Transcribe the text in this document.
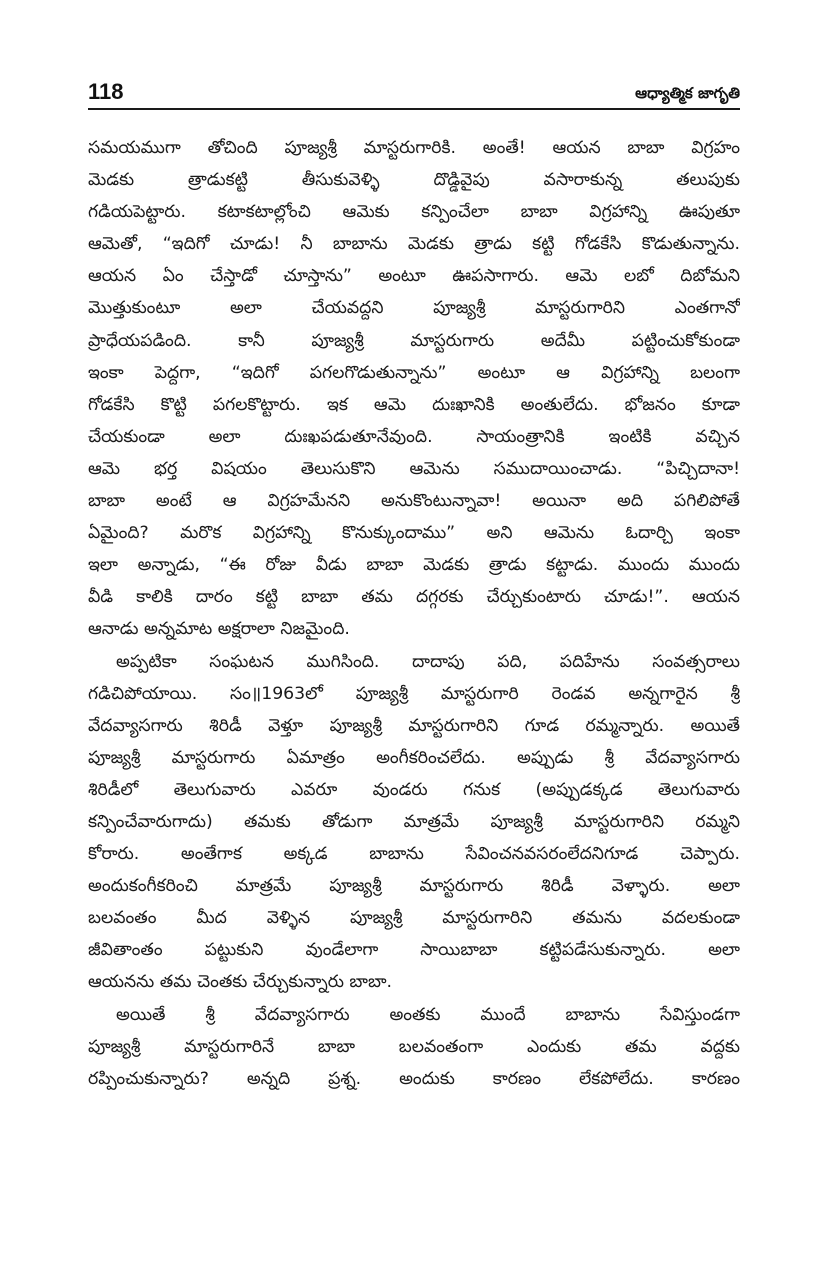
118	ఆధ్యాత్మిక జాగృతి
సమయముగా తోచింది పూజ్యశ్రీ మాస్టరుగారికి. అంతే! ఆయన బాబా విగ్రహం
మెడకు త్రాడుకట్టి తీసుకువెళ్ళి దొడ్డివైపు వసారాకున్న తలుపుకు
గడియపెట్టారు. కటాకటాల్లోంచి ఆమెకు కన్పించేలా బాబా విగ్రహాన్ని ఊపుతూ
ఆమెతో, “ఇదిగో చూడు! నీ బాబాను మెడకు త్రాడు కట్టి గోడకేసి కొడుతున్నాను.
ఆయన ఏం చేస్తాడో చూస్తాను” అంటూ ఊపసాగారు. ఆమె లబో దిబోమని
మొత్తుకుంటూ అలా చేయవద్దని పూజ్యశ్రీ మాస్టరుగారిని ఎంతగానో
ప్రాధేయపడింది. కానీ పూజ్యశ్రీ మాస్టరుగారు అదేమీ పట్టించుకోకుండా
ఇంకా పెద్దగా, “ఇదిగో పగలగొడుతున్నాను” అంటూ ఆ విగ్రహాన్ని బలంగా
గోడకేసి కొట్టి పగలకొట్టారు. ఇక ఆమె దుఃఖానికి అంతులేదు. భోజనం కూడా
చేయకుండా అలా దుఃఖపడుతూనేవుంది. సాయంత్రానికి ఇంటికి వచ్చిన
ఆమె భర్త విషయం తెలుసుకొని ఆమెను సముదాయించాడు. “పిచ్చిదానా!
బాబా అంటే ఆ విగ్రహమేనని అనుకొంటున్నావా! అయినా అది పగిలిపోతే
ఏమైంది? మరొక విగ్రహాన్ని కొనుక్కుందాము” అని ఆమెను ఓదార్చి ఇంకా
ఇలా అన్నాడు, “ఈ రోజు వీడు బాబా మెడకు త్రాడు కట్టాడు. ముందు ముందు
వీడి కాలికి దారం కట్టి బాబా తమ దగ్గరకు చేర్చుకుంటారు చూడు!”. ఆయన
ఆనాడు అన్నమాట అక్షరాలా నిజమైంది.
అప్పటికా సంఘటన ముగిసింది. దాదాపు పది, పదిహేను సంవత్సరాలు
గడిచిపోయాయి. సం॥1963లో పూజ్యశ్రీ మాస్టరుగారి రెండవ అన్నగారైన శ్రీ
వేదవ్యాసగారు శిరిడీ వెళ్తూ పూజ్యశ్రీ మాస్టరుగారిని గూడ రమ్మన్నారు. అయితే
పూజ్యశ్రీ మాస్టరుగారు ఏమాత్రం అంగీకరించలేదు. అప్పుడు శ్రీ వేదవ్యాసగారు
శిరిడీలో తెలుగువారు ఎవరూ వుండరు గనుక (అప్పుడక్కడ తెలుగువారు
కన్పించేవారుగాదు) తమకు తోడుగా మాత్రమే పూజ్యశ్రీ మాస్టరుగారిని రమ్మని
కోరారు. అంతేగాక అక్కడ బాబాను సేవించనవసరంలేదనిగూడ చెప్పారు.
అందుకంగీకరించి మాత్రమే పూజ్యశ్రీ మాస్టరుగారు శిరిడీ వెళ్ళారు. అలా
బలవంతం మీద వెళ్ళిన పూజ్యశ్రీ మాస్టరుగారిని తమను వదలకుండా
జీవితాంతం పట్టుకుని వుండేలాగా సాయిబాబా కట్టిపడేసుకున్నారు. అలా
ఆయనను తమ చెంతకు చేర్చుకున్నారు బాబా.
అయితే శ్రీ వేదవ్యాసగారు అంతకు ముందే బాబాను సేవిస్తుండగా
పూజ్యశ్రీ మాస్టరుగారినే బాబా బలవంతంగా ఎందుకు తమ వద్దకు
రప్పించుకున్నారు? అన్నది ప్రశ్న. అందుకు కారణం లేకపోలేదు. కారణం
